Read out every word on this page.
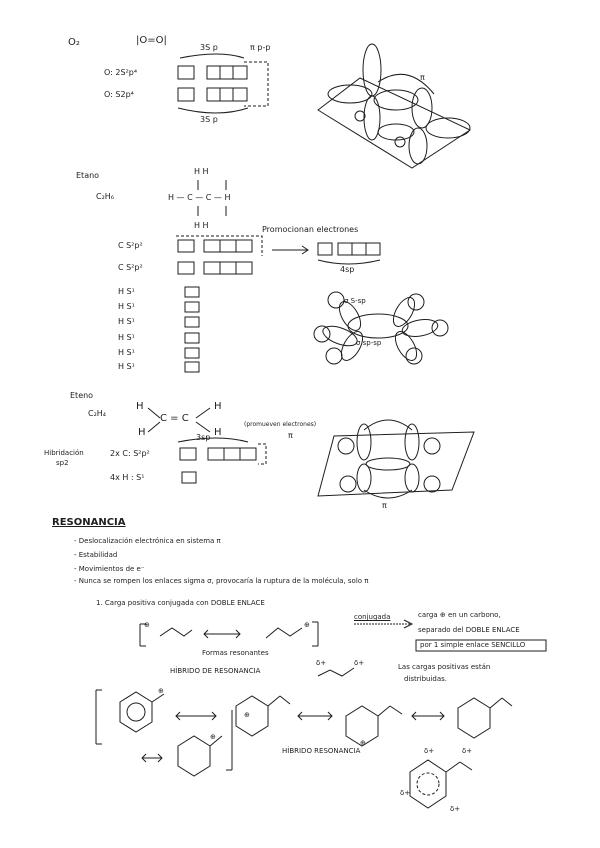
O₂	|O=O|
3S p	π p-p
O: 2S²p⁴
O: S2p⁴
3S p
π
Etano
C₂H₆
H H
H — C — C — H
H H	Promocionan electrones
4sp
C S²p²
C S²p²
H S¹
H S¹
H S¹
H S¹
H S¹
H S¹
σ S-sp
σ sp-sp
Eteno
C₂H₄
H
H
C = C
H
H
3sp
(promueven electrones)
π
Hibridación
sp2
2x C: S²p²
4x H : S¹
π
RESONANCIA
- Deslocalización electrónica en sistema π
- Estabilidad
- Movimientos de e⁻
- Nunca se rompen los enlaces sigma σ, provocaría la ruptura de la molécula, solo π
1. Carga positiva conjugada con DOBLE ENLACE
conjugada	carga ⊕ en un carbono,
separado del DOBLE ENLACE
por 1 simple enlace SENCILLO
⊕	⊕
Formas resonantes
HÍBRIDO DE RESONANCIA
δ+	δ+	Las cargas positivas están
distribuidas.
⊕
⊕
⊕
⊕
HÍBRIDO RESONANCIA	δ+	δ+
δ+
δ+
